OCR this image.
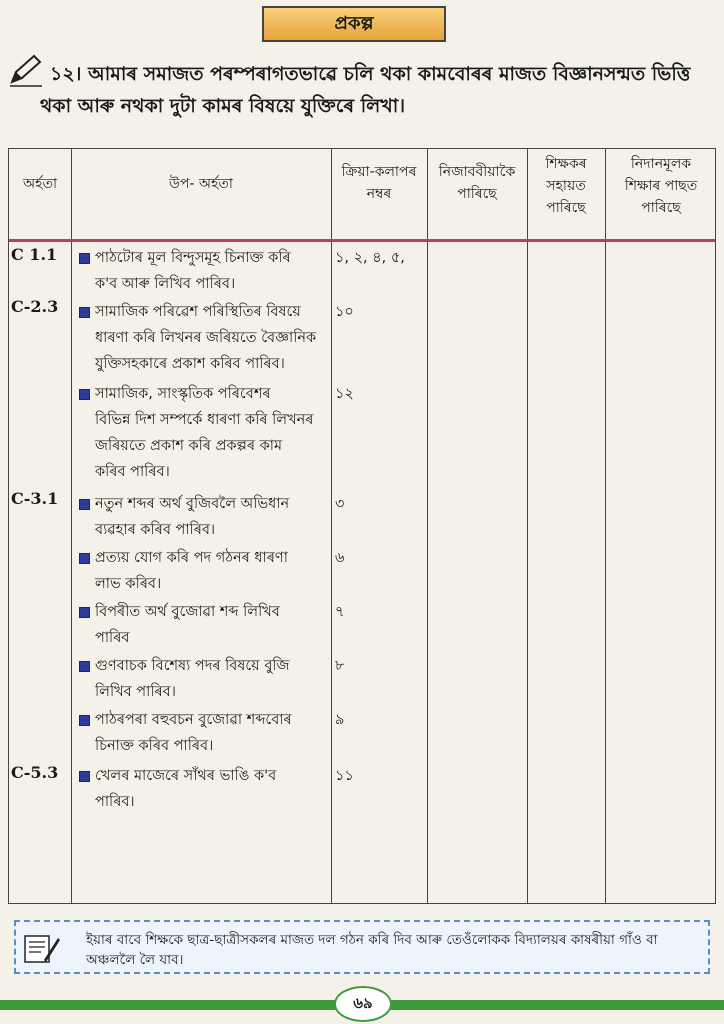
প্ৰকল্প
১২। আমাৰ সমাজত পৰম্পৰাগতভাৱে চলি থকা কামবোৰৰ মাজত বিজ্ঞানসন্মত ভিত্তি
থকা আৰু নথকা দুটা কামৰ বিষয়ে যুক্তিৰে লিখা।
অৰ্হতা	উপ- অৰ্হতা
ক্ৰিয়া-কলাপৰ
নম্বৰ
নিজাববীয়াকৈ
পাৰিছে
শিক্ষকৰ
সহায়ত
পাৰিছে
নিদানমূলক
শিক্ষাৰ পাছত
পাৰিছে
C 1.1
C-2.3
C-3.1
C-5.3
পাঠটোৰ মূল বিন্দুসমূহ চিনাক্ত কৰি
ক'ব আৰু লিখিব পাৰিব।
১, ২, ৪, ৫,
সামাজিক পৰিৱেশ পৰিস্থিতিৰ বিষয়ে
ধাৰণা কৰি লিখনৰ জৰিয়তে বৈজ্ঞানিক
যুক্তিসহকাৰে প্ৰকাশ কৰিব পাৰিব।
১০
সামাজিক, সাংস্কৃতিক পৰিবেশৰ
বিভিন্ন দিশ সম্পৰ্কে ধাৰণা কৰি লিখনৰ
জৰিয়তে প্ৰকাশ কৰি প্ৰকল্পৰ কাম
কৰিব পাৰিব।
১২
নতুন শব্দৰ অৰ্থ বুজিবলৈ অভিধান
ব্যৱহাৰ কৰিব পাৰিব।
৩
প্ৰত্যয় যোগ কৰি পদ গঠনৰ ধাৰণা
লাভ কৰিব।
৬
বিপৰীত অৰ্থ বুজোৱা শব্দ লিখিব
পাৰিব
৭
গুণবাচক বিশেষ্য পদৰ বিষয়ে বুজি
লিখিব পাৰিব।
৮
পাঠৰপৰা বহুবচন বুজোৱা শব্দবোৰ
চিনাক্ত কৰিব পাৰিব।
৯
খেলৰ মাজেৰে সাঁথৰ ভাঙি ক'ব
পাৰিব।
১১
ইয়াৰ বাবে শিক্ষকে ছাত্ৰ-ছাত্ৰীসকলৰ মাজত দল গঠন কৰি দিব আৰু তেওঁলোকক বিদ্যালয়ৰ কাষৰীয়া গাঁও বা অঞ্চললৈ লৈ যাব।
৬৯
